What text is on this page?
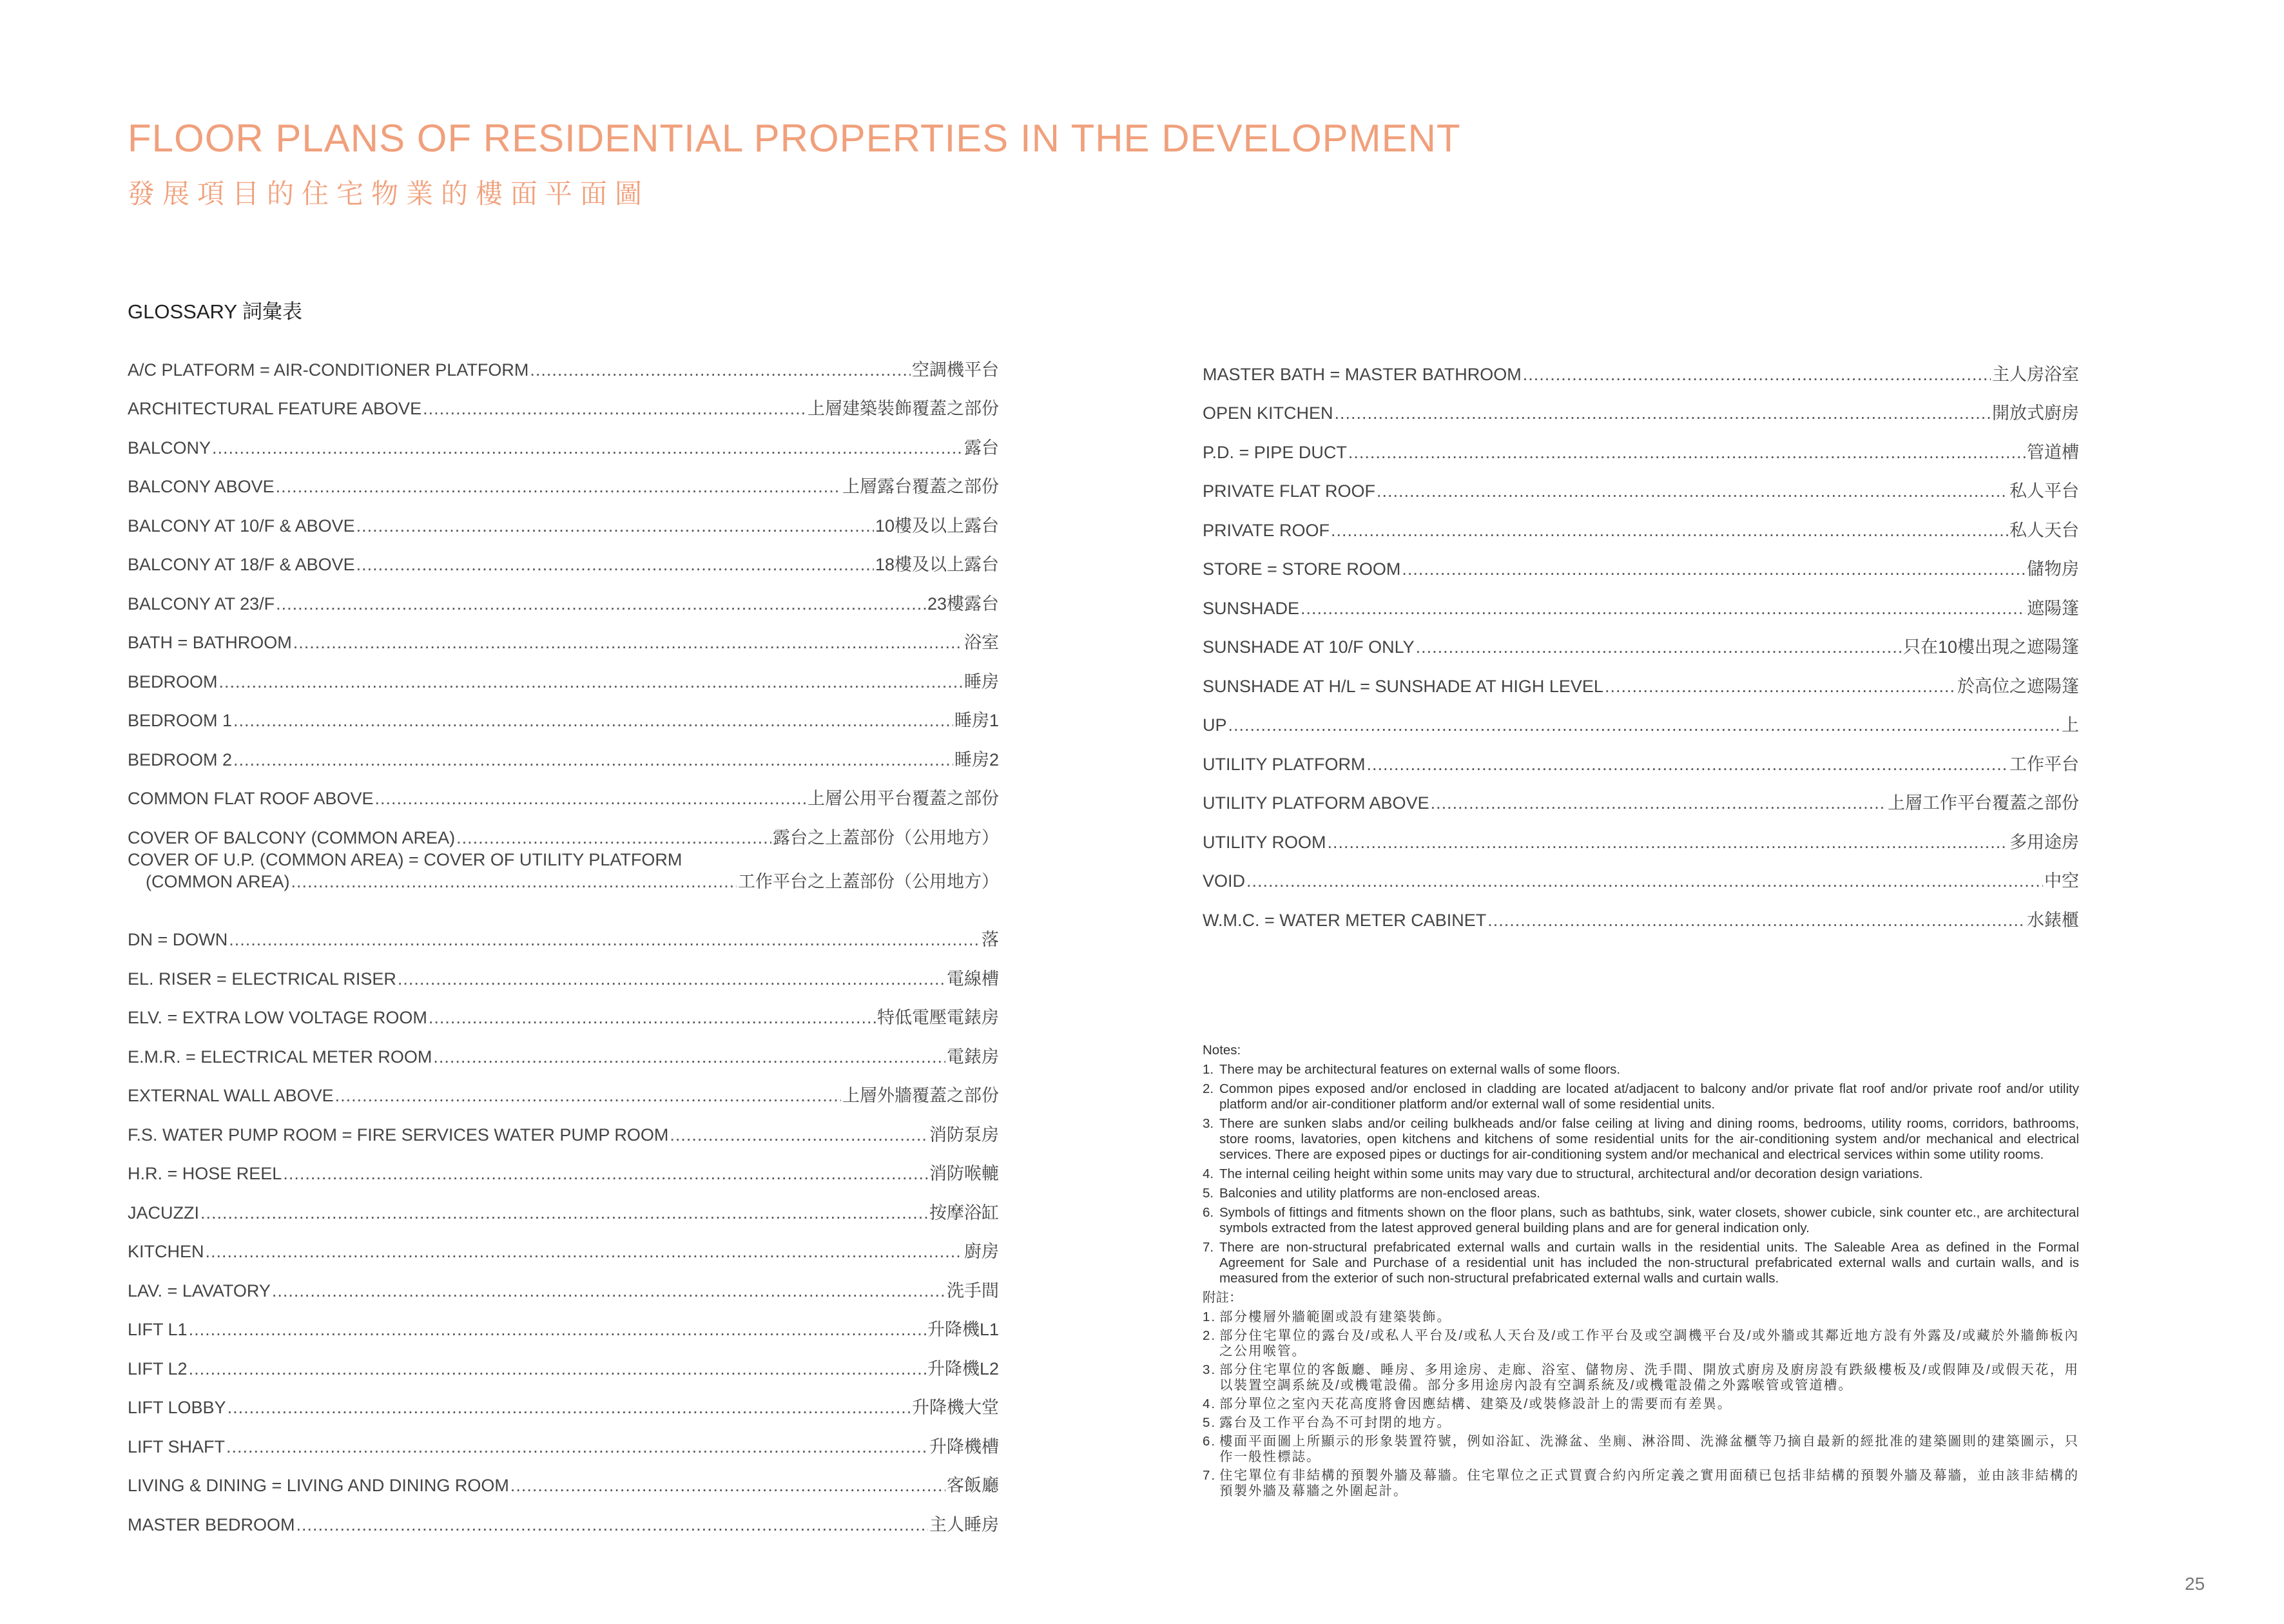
FLOOR PLANS OF RESIDENTIAL PROPERTIES IN THE DEVELOPMENT
發展項目的住宅物業的樓面平面圖
GLOSSARY 詞彙表
A/C PLATFORM = AIR-CONDITIONER PLATFORM .....	空調機平台
ARCHITECTURAL FEATURE ABOVE .....	上層建築裝飾覆蓋之部份
BALCONY .....	露台
BALCONY ABOVE .....	上層露台覆蓋之部份
BALCONY AT 10/F & ABOVE .....	10樓及以上露台
BALCONY AT 18/F & ABOVE .....	18樓及以上露台
BALCONY AT 23/F .....	23樓露台
BATH = BATHROOM .....	浴室
BEDROOM .....	睡房
BEDROOM 1 .....	睡房1
BEDROOM 2 .....	睡房2
COMMON FLAT ROOF ABOVE .....	上層公用平台覆蓋之部份
COVER OF BALCONY (COMMON AREA) .....	露台之上蓋部份（公用地方）
COVER OF U.P. (COMMON AREA) = COVER OF UTILITY PLATFORM
(COMMON AREA) .....	工作平台之上蓋部份（公用地方）
DN = DOWN .....	落
EL. RISER = ELECTRICAL RISER .....	電線槽
ELV. = EXTRA LOW VOLTAGE ROOM .....	特低電壓電錶房
E.M.R. = ELECTRICAL METER ROOM .....	電錶房
EXTERNAL WALL ABOVE .....	上層外牆覆蓋之部份
F.S. WATER PUMP ROOM = FIRE SERVICES WATER PUMP ROOM .....	消防泵房
H.R. = HOSE REEL .....	消防喉轆
JACUZZI .....	按摩浴缸
KITCHEN .....	廚房
LAV. = LAVATORY .....	洗手間
LIFT L1 .....	升降機L1
LIFT L2 .....	升降機L2
LIFT LOBBY .....	升降機大堂
LIFT SHAFT .....	升降機槽
LIVING & DINING = LIVING AND DINING ROOM .....	客飯廳
MASTER BEDROOM .....	主人睡房
MASTER BATH = MASTER BATHROOM .....	主人房浴室
OPEN KITCHEN .....	開放式廚房
P.D. = PIPE DUCT .....	管道槽
PRIVATE FLAT ROOF .....	私人平台
PRIVATE ROOF .....	私人天台
STORE = STORE ROOM .....	儲物房
SUNSHADE .....	遮陽篷
SUNSHADE AT 10/F ONLY .....	只在10樓出現之遮陽篷
SUNSHADE AT H/L = SUNSHADE AT HIGH LEVEL .....	於高位之遮陽篷
UP .....	上
UTILITY PLATFORM .....	工作平台
UTILITY PLATFORM ABOVE .....	上層工作平台覆蓋之部份
UTILITY ROOM .....	多用途房
VOID .....	中空
W.M.C. = WATER METER CABINET .....	水錶櫃
Notes:
1. There may be architectural features on external walls of some floors.
2. Common pipes exposed and/or enclosed in cladding are located at/adjacent to balcony and/or private flat roof and/or private roof and/or utility platform and/or air-conditioner platform and/or external wall of some residential units.
3. There are sunken slabs and/or ceiling bulkheads and/or false ceiling at living and dining rooms, bedrooms, utility rooms, corridors, bathrooms, store rooms, lavatories, open kitchens and kitchens of some residential units for the air-conditioning system and/or mechanical and electrical services. There are exposed pipes or ductings for air-conditioning system and/or mechanical and electrical services within some utility rooms.
4. The internal ceiling height within some units may vary due to structural, architectural and/or decoration design variations.
5. Balconies and utility platforms are non-enclosed areas.
6. Symbols of fittings and fitments shown on the floor plans, such as bathtubs, sink, water closets, shower cubicle, sink counter etc., are architectural symbols extracted from the latest approved general building plans and are for general indication only.
7. There are non-structural prefabricated external walls and curtain walls in the residential units. The Saleable Area as defined in the Formal Agreement for Sale and Purchase of a residential unit has included the non-structural prefabricated external walls and curtain walls, and is measured from the exterior of such non-structural prefabricated external walls and curtain walls.
附註：
1. 部分樓層外牆範圍或設有建築裝飾。
2. 部分住宅單位的露台及/或私人平台及/或私人天台及/或工作平台及或空調機平台及/或外牆或其鄰近地方設有外露及/或藏於外牆飾板內之公用喉管。
3. 部分住宅單位的客飯廳、睡房、多用途房、走廊、浴室、儲物房、洗手間、開放式廚房及廚房設有跌級樓板及/或假陣及/或假天花，用以裝置空調系統及/或機電設備。部分多用途房內設有空調系統及/或機電設備之外露喉管或管道槽。
4. 部分單位之室內天花高度將會因應結構、建築及/或裝修設計上的需要而有差異。
5. 露台及工作平台為不可封閉的地方。
6. 樓面平面圖上所顯示的形象裝置符號，例如浴缸、洗滌盆、坐廁、淋浴間、洗滌盆櫃等乃摘自最新的經批准的建築圖則的建築圖示，只作一般性標誌。
7. 住宅單位有非結構的預製外牆及幕牆。住宅單位之正式買賣合約內所定義之實用面積已包括非結構的預製外牆及幕牆，並由該非結構的預製外牆及幕牆之外圍起計。
25
